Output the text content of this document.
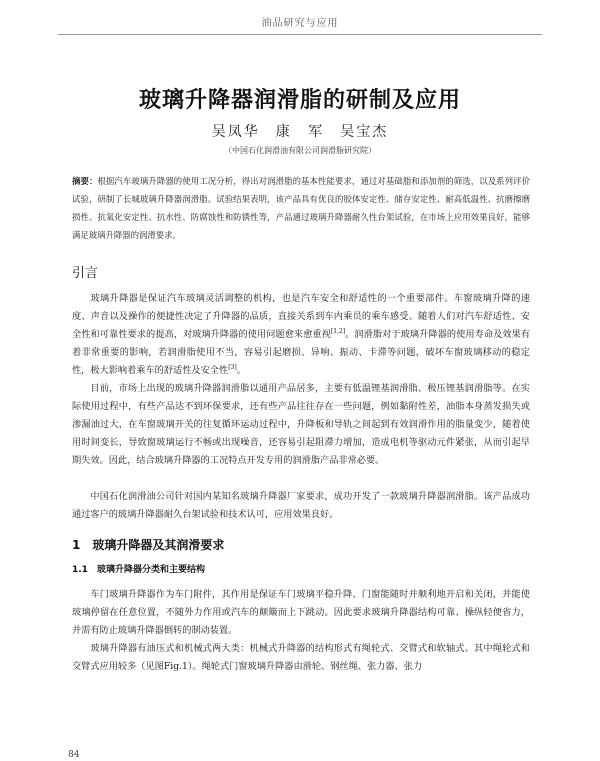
油品研究与应用
玻璃升降器润滑脂的研制及应用
吴凤华　康 军　吴宝杰
（中国石化润滑油有限公司润滑脂研究院）
摘要：根据汽车玻璃升降器的使用工况分析，得出对润滑脂的基本性能要求，通过对基础脂和添加剂的筛选，以及系列评价试验，研制了长城玻璃升降器润滑脂。试验结果表明，该产品具有优良的胶体安定性、储存安定性、耐高低温性、抗磨擦磨损性、抗氧化安定性、抗水性、防腐蚀性和防锈性等，产品通过玻璃升降器耐久性台架试验，在市场上应用效果良好，能够满足玻璃升降器的润滑要求。
引言

玻璃升降器是保证汽车玻璃灵活调整的机构，也是汽车安全和舒适性的一个重要部件。车窗玻璃升降的速度、声音以及操作的便捷性决定了升降器的品质，直接关系到车内乘员的乘车感受。随着人们对汽车舒适性、安全性和可靠性要求的提高，对玻璃升降器的使用问题愈来愈重视[1,2]。润滑脂对于玻璃升降器的使用寿命及效果有着非常重要的影响，若润滑脂使用不当，容易引起磨损、异响、振动、卡滞等问题，破坏车窗玻璃移动的稳定性，极大影响着乘车的舒适性及安全性[3]。

目前，市场上出现的玻璃升降器润滑脂以通用产品居多，主要有低温锂基润滑脂、极压锂基润滑脂等。在实际使用过程中，有些产品达不到环保要求，还有些产品往往存在一些问题，例如黏附性差，油脂本身蒸发损失或渗漏油过大，在车窗玻璃开关的往复循环运动过程中，升降板和导轨之间起到有效润滑作用的脂量变少，随着使用时间变长，导致窗玻璃运行不畅或出现噪音，还容易引起阻滞力增加，造成电机等驱动元件紧张，从而引起早期失效。因此，结合玻璃升降器的工况特点开发专用的润滑脂产品非常必要。

中国石化润滑油公司针对国内某知名玻璃升降器厂家要求，成功开发了一款玻璃升降器润滑脂。该产品成功通过客户的玻璃升降器耐久台架试验和技术认可，应用效果良好。

1　玻璃升降器及其润滑要求
1.1　玻璃升降器分类和主要结构

车门玻璃升降器作为车门附件，其作用是保证车门玻璃平稳升降、门窗能随时并顺利地开启和关闭，并能使玻璃停留在任意位置，不随外力作用或汽车的颠簸而上下跳动。因此要求玻璃升降器结构可靠、操纵轻便省力，并需有防止玻璃升降器倒转的制动装置。

玻璃升降器有油压式和机械式两大类：机械式升降器的结构形式有绳轮式、交臂式和软轴式。其中绳轮式和交臂式应用较多（见图Fig.1）。绳轮式门窗玻璃升降器由滑轮、钢丝绳、张力器、张力

84
